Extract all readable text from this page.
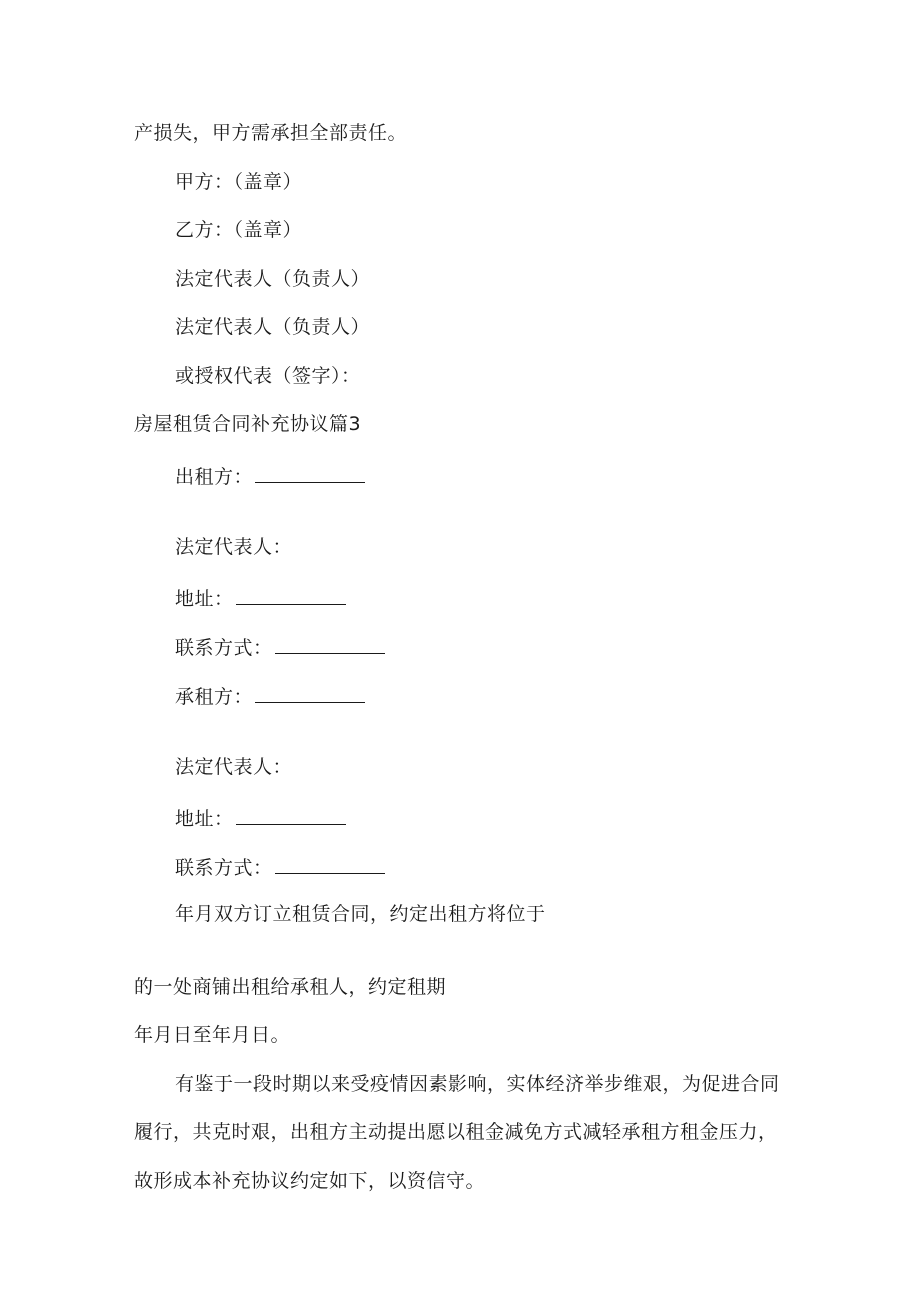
产损失，甲方需承担全部责任。
甲方：（盖章）
乙方：（盖章）
法定代表人（负责人）
法定代表人（负责人）
或授权代表（签字）：
房屋租赁合同补充协议篇3
出租方：
法定代表人：
地址：
联系方式：
承租方：
法定代表人：
地址：
联系方式：
年月双方订立租赁合同，约定出租方将位于
的一处商铺出租给承租人，约定租期
年月日至年月日。
有鉴于一段时期以来受疫情因素影响，实体经济举步维艰，为促进合同
履行，共克时艰，出租方主动提出愿以租金减免方式减轻承租方租金压力，
故形成本补充协议约定如下，以资信守。
